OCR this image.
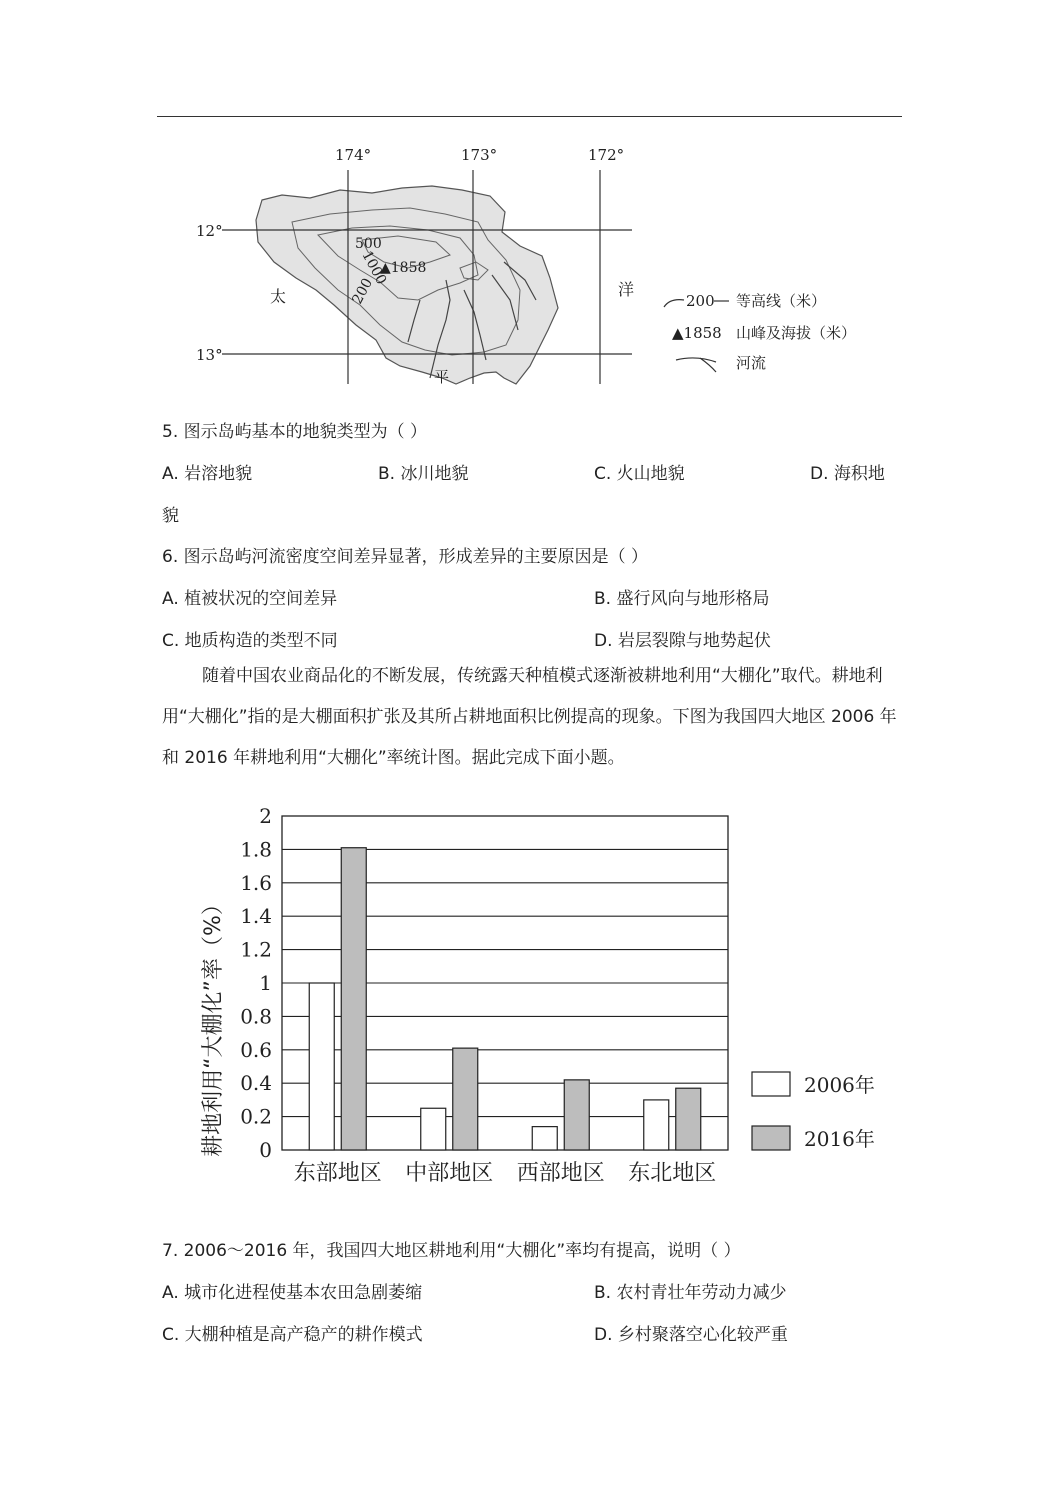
174°	173°	172°
12°
13°
500
1000
▲1858
200
太
平
洋
200 等高线（米）
▲1858 山峰及海拔（米）
河流
5. 图示岛屿基本的地貌类型为（ ）
A. 岩溶地貌	B. 冰川地貌	C. 火山地貌	D. 海积地
貌
6. 图示岛屿河流密度空间差异显著，形成差异的主要原因是（ ）
A. 植被状况的空间差异	B. 盛行风向与地形格局
C. 地质构造的类型不同	D. 岩层裂隙与地势起伏
随着中国农业商品化的不断发展，传统露天种植模式逐渐被耕地利用“大棚化”取代。耕地利用“大棚化”指的是大棚面积扩张及其所占耕地面积比例提高的现象。下图为我国四大地区 2006 年和 2016 年耕地利用“大棚化”率统计图。据此完成下面小题。
0
0.2
0.4
0.6
0.8
1
1.2
1.4
1.6
1.8
2
东部地区 中部地区 西部地区 东北地区
耕地利用“大棚化”率（%）	2006年
2016年
7. 2006～2016 年，我国四大地区耕地利用“大棚化”率均有提高，说明（ ）
A. 城市化进程使基本农田急剧萎缩	B. 农村青壮年劳动力减少
C. 大棚种植是高产稳产的耕作模式	D. 乡村聚落空心化较严重
